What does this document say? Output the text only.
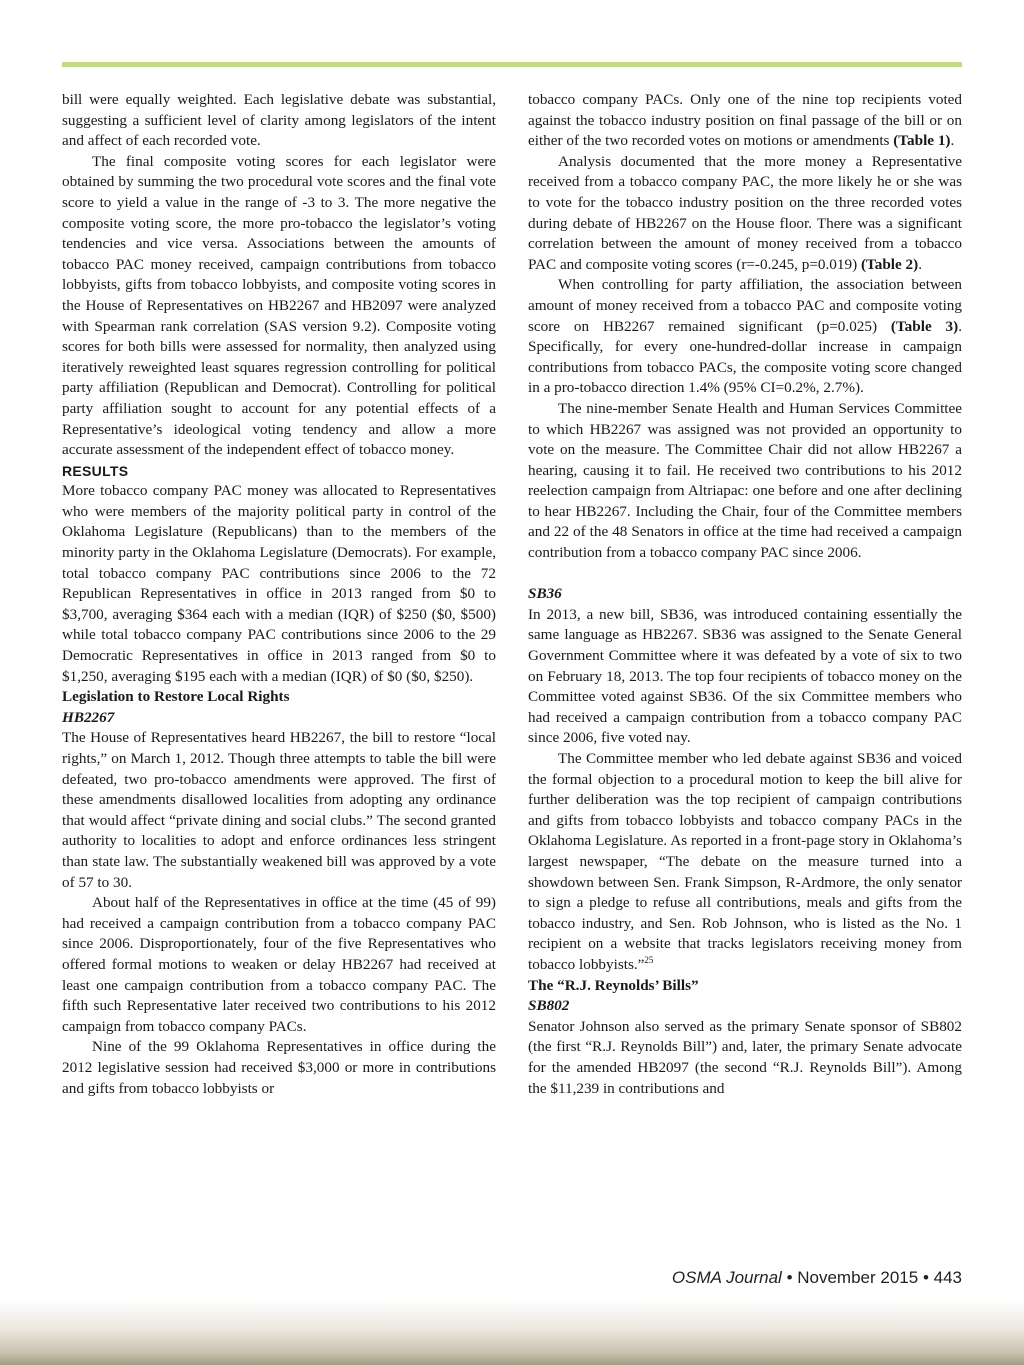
bill were equally weighted. Each legislative debate was substantial, suggesting a sufficient level of clarity among legislators of the intent and affect of each recorded vote.

The final composite voting scores for each legislator were obtained by summing the two procedural vote scores and the final vote score to yield a value in the range of -3 to 3. The more negative the composite voting score, the more pro-tobacco the legislator’s voting tendencies and vice versa. Associations between the amounts of tobacco PAC money received, campaign contributions from tobacco lobbyists, gifts from tobacco lobbyists, and composite voting scores in the House of Representatives on HB2267 and HB2097 were analyzed with Spearman rank correlation (SAS version 9.2). Composite voting scores for both bills were assessed for normality, then analyzed using iteratively reweighted least squares regression controlling for political party affiliation (Republican and Democrat). Controlling for political party affiliation sought to account for any potential effects of a Representative’s ideological voting tendency and allow a more accurate assessment of the independent effect of tobacco money.

RESULTS

More tobacco company PAC money was allocated to Representatives who were members of the majority political party in control of the Oklahoma Legislature (Republicans) than to the members of the minority party in the Oklahoma Legislature (Democrats). For example, total tobacco company PAC contributions since 2006 to the 72 Republican Representatives in office in 2013 ranged from $0 to $3,700, averaging $364 each with a median (IQR) of $250 ($0, $500) while total tobacco company PAC contributions since 2006 to the 29 Democratic Representatives in office in 2013 ranged from $0 to $1,250, averaging $195 each with a median (IQR) of $0 ($0, $250).

Legislation to Restore Local Rights

HB2267

The House of Representatives heard HB2267, the bill to restore “local rights,” on March 1, 2012. Though three attempts to table the bill were defeated, two pro-tobacco amendments were approved. The first of these amendments disallowed localities from adopting any ordinance that would affect “private dining and social clubs.” The second granted authority to localities to adopt and enforce ordinances less stringent than state law. The substantially weakened bill was approved by a vote of 57 to 30.

About half of the Representatives in office at the time (45 of 99) had received a campaign contribution from a tobacco company PAC since 2006. Disproportionately, four of the five Representatives who offered formal motions to weaken or delay HB2267 had received at least one campaign contribution from a tobacco company PAC. The fifth such Representative later received two contributions to his 2012 campaign from tobacco company PACs.

Nine of the 99 Oklahoma Representatives in office during the 2012 legislative session had received $3,000 or more in contributions and gifts from tobacco lobbyists or

tobacco company PACs. Only one of the nine top recipients voted against the tobacco industry position on final passage of the bill or on either of the two recorded votes on motions or amendments (Table 1).

Analysis documented that the more money a Representative received from a tobacco company PAC, the more likely he or she was to vote for the tobacco industry position on the three recorded votes during debate of HB2267 on the House floor. There was a significant correlation between the amount of money received from a tobacco PAC and composite voting scores (r=-0.245, p=0.019) (Table 2).

When controlling for party affiliation, the association between amount of money received from a tobacco PAC and composite voting score on HB2267 remained significant (p=0.025) (Table 3). Specifically, for every one-hundred-dollar increase in campaign contributions from tobacco PACs, the composite voting score changed in a pro-tobacco direction 1.4% (95% CI=0.2%, 2.7%).

The nine-member Senate Health and Human Services Committee to which HB2267 was assigned was not provided an opportunity to vote on the measure. The Committee Chair did not allow HB2267 a hearing, causing it to fail. He received two contributions to his 2012 reelection campaign from Altriapac: one before and one after declining to hear HB2267. Including the Chair, four of the Committee members and 22 of the 48 Senators in office at the time had received a campaign contribution from a tobacco company PAC since 2006.

SB36

In 2013, a new bill, SB36, was introduced containing essentially the same language as HB2267. SB36 was assigned to the Senate General Government Committee where it was defeated by a vote of six to two on February 18, 2013. The top four recipients of tobacco money on the Committee voted against SB36. Of the six Committee members who had received a campaign contribution from a tobacco company PAC since 2006, five voted nay.

The Committee member who led debate against SB36 and voiced the formal objection to a procedural motion to keep the bill alive for further deliberation was the top recipient of campaign contributions and gifts from tobacco lobbyists and tobacco company PACs in the Oklahoma Legislature. As reported in a front-page story in Oklahoma’s largest newspaper, “The debate on the measure turned into a showdown between Sen. Frank Simpson, R-Ardmore, the only senator to sign a pledge to refuse all contributions, meals and gifts from the tobacco industry, and Sen. Rob Johnson, who is listed as the No. 1 recipient on a website that tracks legislators receiving money from tobacco lobbyists.”$^{25}$

The “R.J. Reynolds’ Bills”

SB802

Senator Johnson also served as the primary Senate sponsor of SB802 (the first “R.J. Reynolds Bill”) and, later, the primary Senate advocate for the amended HB2097 (the second “R.J. Reynolds Bill”). Among the $11,239 in contributions and

OSMA Journal • November 2015 • 443
